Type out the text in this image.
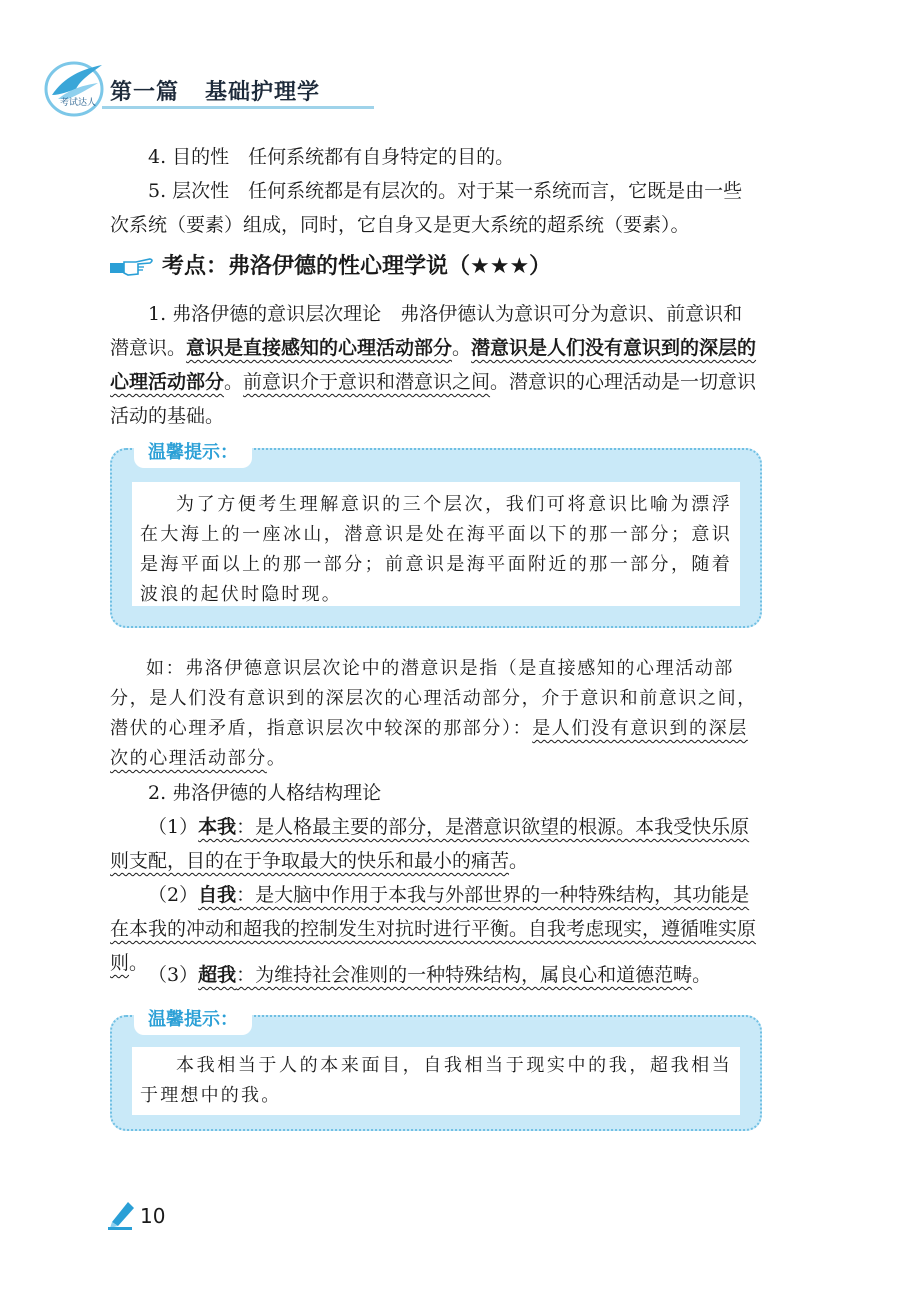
考试达人 第一篇 基础护理学

4. 目的性　任何系统都有自身特定的目的。

5. 层次性　任何系统都是有层次的。对于某一系统而言，它既是由一些次系统（要素）组成，同时，它自身又是更大系统的超系统（要素）。

考点：弗洛伊德的性心理学说（★★★）

1. 弗洛伊德的意识层次理论　弗洛伊德认为意识可分为意识、前意识和潜意识。意识是直接感知的心理活动部分。潜意识是人们没有意识到的深层的心理活动部分。前意识介于意识和潜意识之间。潜意识的心理活动是一切意识活动的基础。

温馨提示：

为了方便考生理解意识的三个层次，我们可将意识比喻为漂浮在大海上的一座冰山，潜意识是处在海平面以下的那一部分；意识是海平面以上的那一部分；前意识是海平面附近的那一部分，随着波浪的起伏时隐时现。

如：弗洛伊德意识层次论中的潜意识是指（是直接感知的心理活动部分，是人们没有意识到的深层次的心理活动部分，介于意识和前意识之间，潜伏的心理矛盾，指意识层次中较深的那部分）：是人们没有意识到的深层次的心理活动部分。

2. 弗洛伊德的人格结构理论

（1）本我：是人格最主要的部分，是潜意识欲望的根源。本我受快乐原则支配，目的在于争取最大的快乐和最小的痛苦。

（2）自我：是大脑中作用于本我与外部世界的一种特殊结构，其功能是在本我的冲动和超我的控制发生对抗时进行平衡。自我考虑现实，遵循唯实原则。

（3）超我：为维持社会准则的一种特殊结构，属良心和道德范畴。

温馨提示：

本我相当于人的本来面目，自我相当于现实中的我，超我相当于理想中的我。

10
